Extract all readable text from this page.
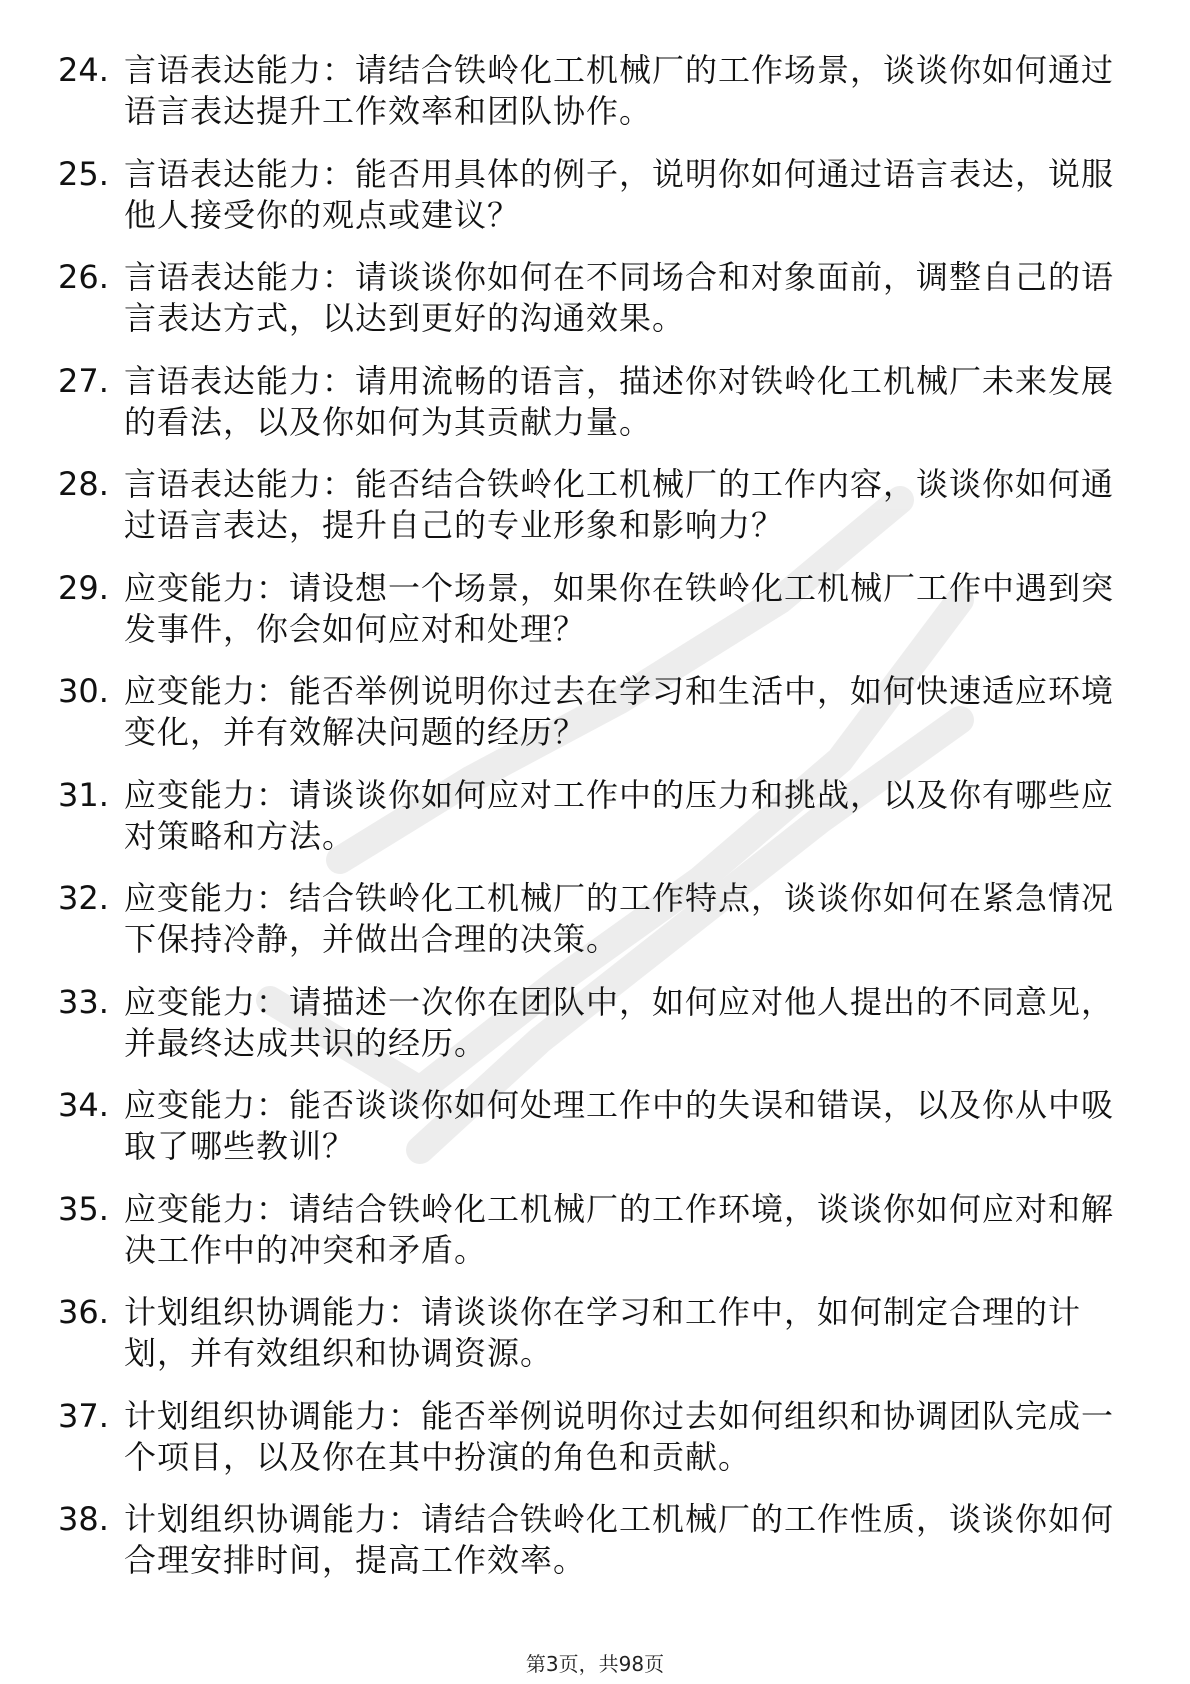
24. 言语表达能力：请结合铁岭化工机械厂的工作场景，谈谈你如何通过语言表达提升工作效率和团队协作。
25. 言语表达能力：能否用具体的例子，说明你如何通过语言表达，说服他人接受你的观点或建议？
26. 言语表达能力：请谈谈你如何在不同场合和对象面前，调整自己的语言表达方式，以达到更好的沟通效果。
27. 言语表达能力：请用流畅的语言，描述你对铁岭化工机械厂未来发展的看法，以及你如何为其贡献力量。
28. 言语表达能力：能否结合铁岭化工机械厂的工作内容，谈谈你如何通过语言表达，提升自己的专业形象和影响力？
29. 应变能力：请设想一个场景，如果你在铁岭化工机械厂工作中遇到突发事件，你会如何应对和处理？
30. 应变能力：能否举例说明你过去在学习和生活中，如何快速适应环境变化，并有效解决问题的经历？
31. 应变能力：请谈谈你如何应对工作中的压力和挑战，以及你有哪些应对策略和方法。
32. 应变能力：结合铁岭化工机械厂的工作特点，谈谈你如何在紧急情况下保持冷静，并做出合理的决策。
33. 应变能力：请描述一次你在团队中，如何应对他人提出的不同意见，并最终达成共识的经历。
34. 应变能力：能否谈谈你如何处理工作中的失误和错误，以及你从中吸取了哪些教训？
35. 应变能力：请结合铁岭化工机械厂的工作环境，谈谈你如何应对和解决工作中的冲突和矛盾。
36. 计划组织协调能力：请谈谈你在学习和工作中，如何制定合理的计划，并有效组织和协调资源。
37. 计划组织协调能力：能否举例说明你过去如何组织和协调团队完成一个项目，以及你在其中扮演的角色和贡献。
38. 计划组织协调能力：请结合铁岭化工机械厂的工作性质，谈谈你如何合理安排时间，提高工作效率。
第3页，共98页
